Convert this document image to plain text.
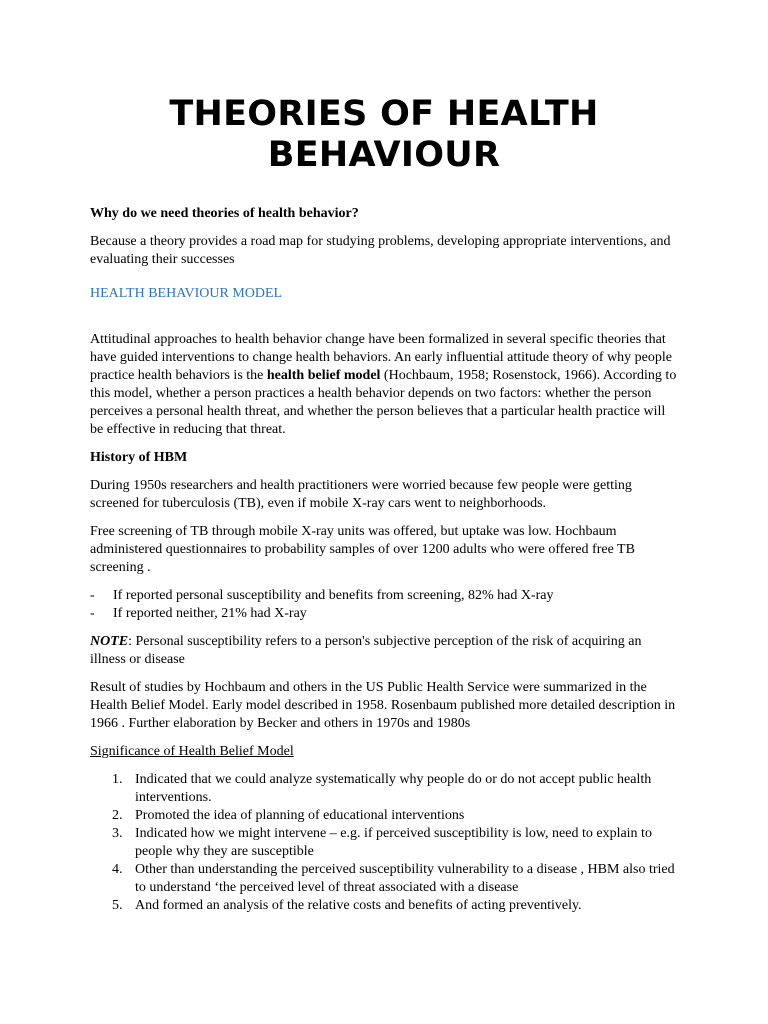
THEORIES OF HEALTH BEHAVIOUR

Why do we need theories of health behavior?

Because a theory provides a road map for studying problems, developing appropriate interventions, and evaluating their successes

HEALTH BEHAVIOUR MODEL

Attitudinal approaches to health behavior change have been formalized in several specific theories that have guided interventions to change health behaviors. An early influential attitude theory of why people practice health behaviors is the health belief model (Hochbaum, 1958; Rosenstock, 1966). According to this model, whether a person practices a health behavior depends on two factors: whether the person perceives a personal health threat, and whether the person believes that a particular health practice will be effective in reducing that threat.

History of HBM

During 1950s researchers and health practitioners were worried because few people were getting screened for tuberculosis (TB), even if mobile X-ray cars went to neighborhoods.

Free screening of TB through mobile X-ray units was offered, but uptake was low. Hochbaum administered questionnaires to probability samples of over 1200 adults who were offered free TB screening .

- If reported personal susceptibility and benefits from screening, 82% had X-ray
- If reported neither, 21% had X-ray

NOTE: Personal susceptibility refers to a person's subjective perception of the risk of acquiring an illness or disease

Result of studies by Hochbaum and others in the US Public Health Service were summarized in the Health Belief Model. Early model described in 1958. Rosenbaum published more detailed description in 1966 . Further elaboration by Becker and others in 1970s and 1980s

Significance of Health Belief Model

1. Indicated that we could analyze systematically why people do or do not accept public health interventions.
2. Promoted the idea of planning of educational interventions
3. Indicated how we might intervene – e.g. if perceived susceptibility is low, need to explain to people why they are susceptible
4. Other than understanding the perceived susceptibility vulnerability to a disease , HBM also tried to understand ‘the perceived level of threat associated with a disease
5. And formed an analysis of the relative costs and benefits of acting preventively.
